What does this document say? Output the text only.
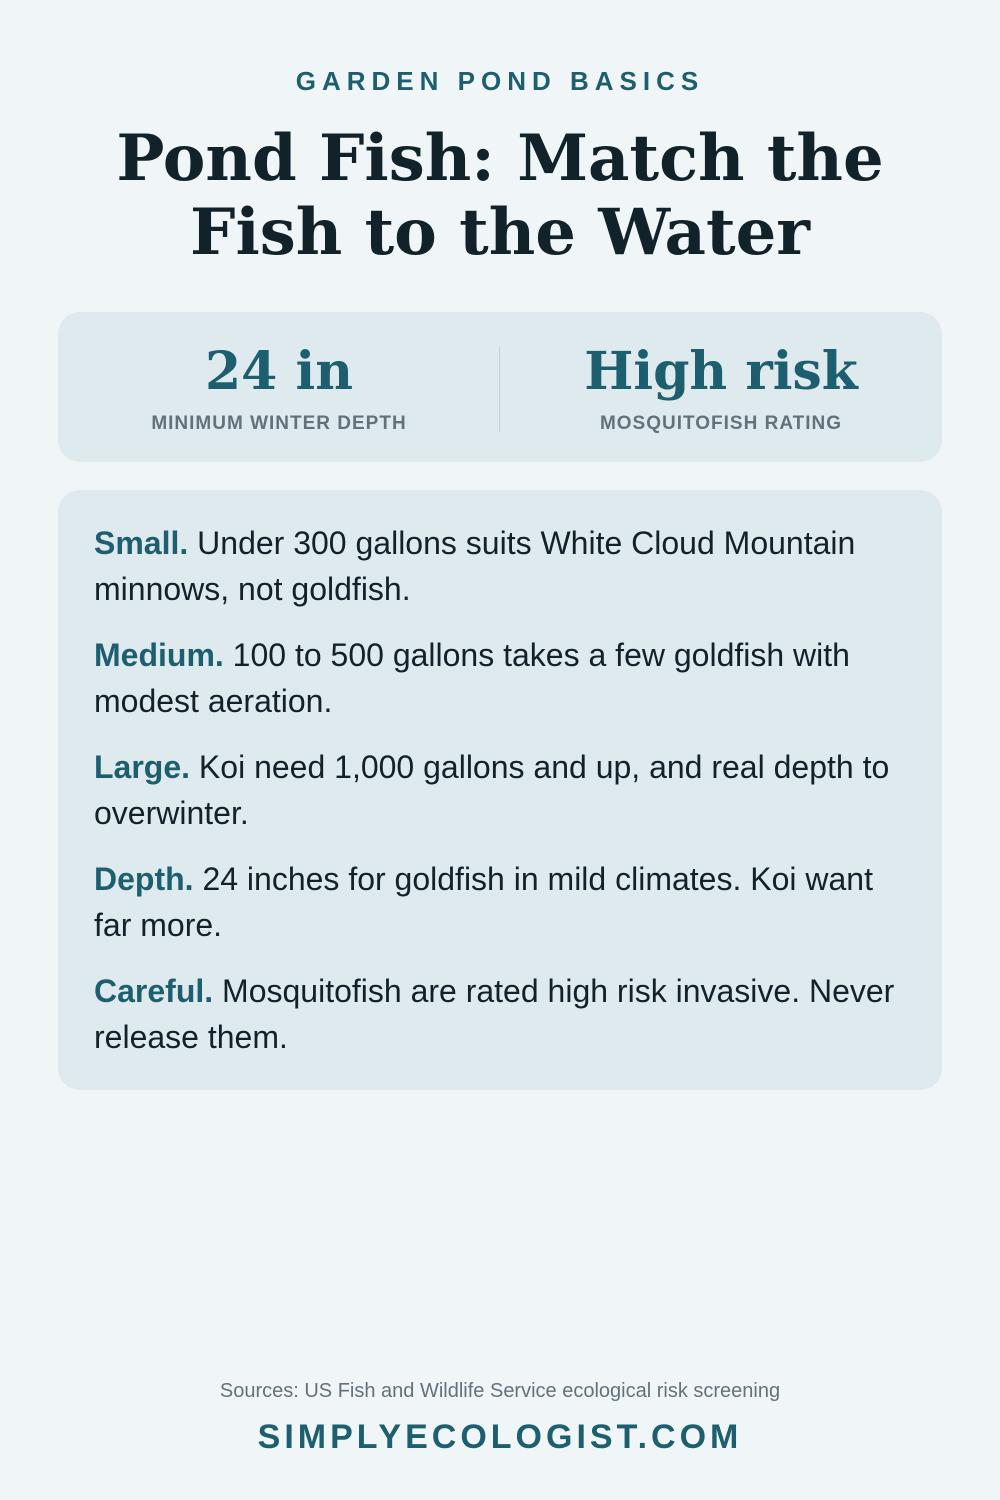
GARDEN POND BASICS
Pond Fish: Match the Fish to the Water
24 in
MINIMUM WINTER DEPTH
High risk
MOSQUITOFISH RATING

Small. Under 300 gallons suits White Cloud Mountain minnows, not goldfish.

Medium. 100 to 500 gallons takes a few goldfish with modest aeration.

Large. Koi need 1,000 gallons and up, and real depth to overwinter.

Depth. 24 inches for goldfish in mild climates. Koi want far more.

Careful. Mosquitofish are rated high risk invasive. Never release them.

Sources: US Fish and Wildlife Service ecological risk screening
SIMPLYECOLOGIST.COM
